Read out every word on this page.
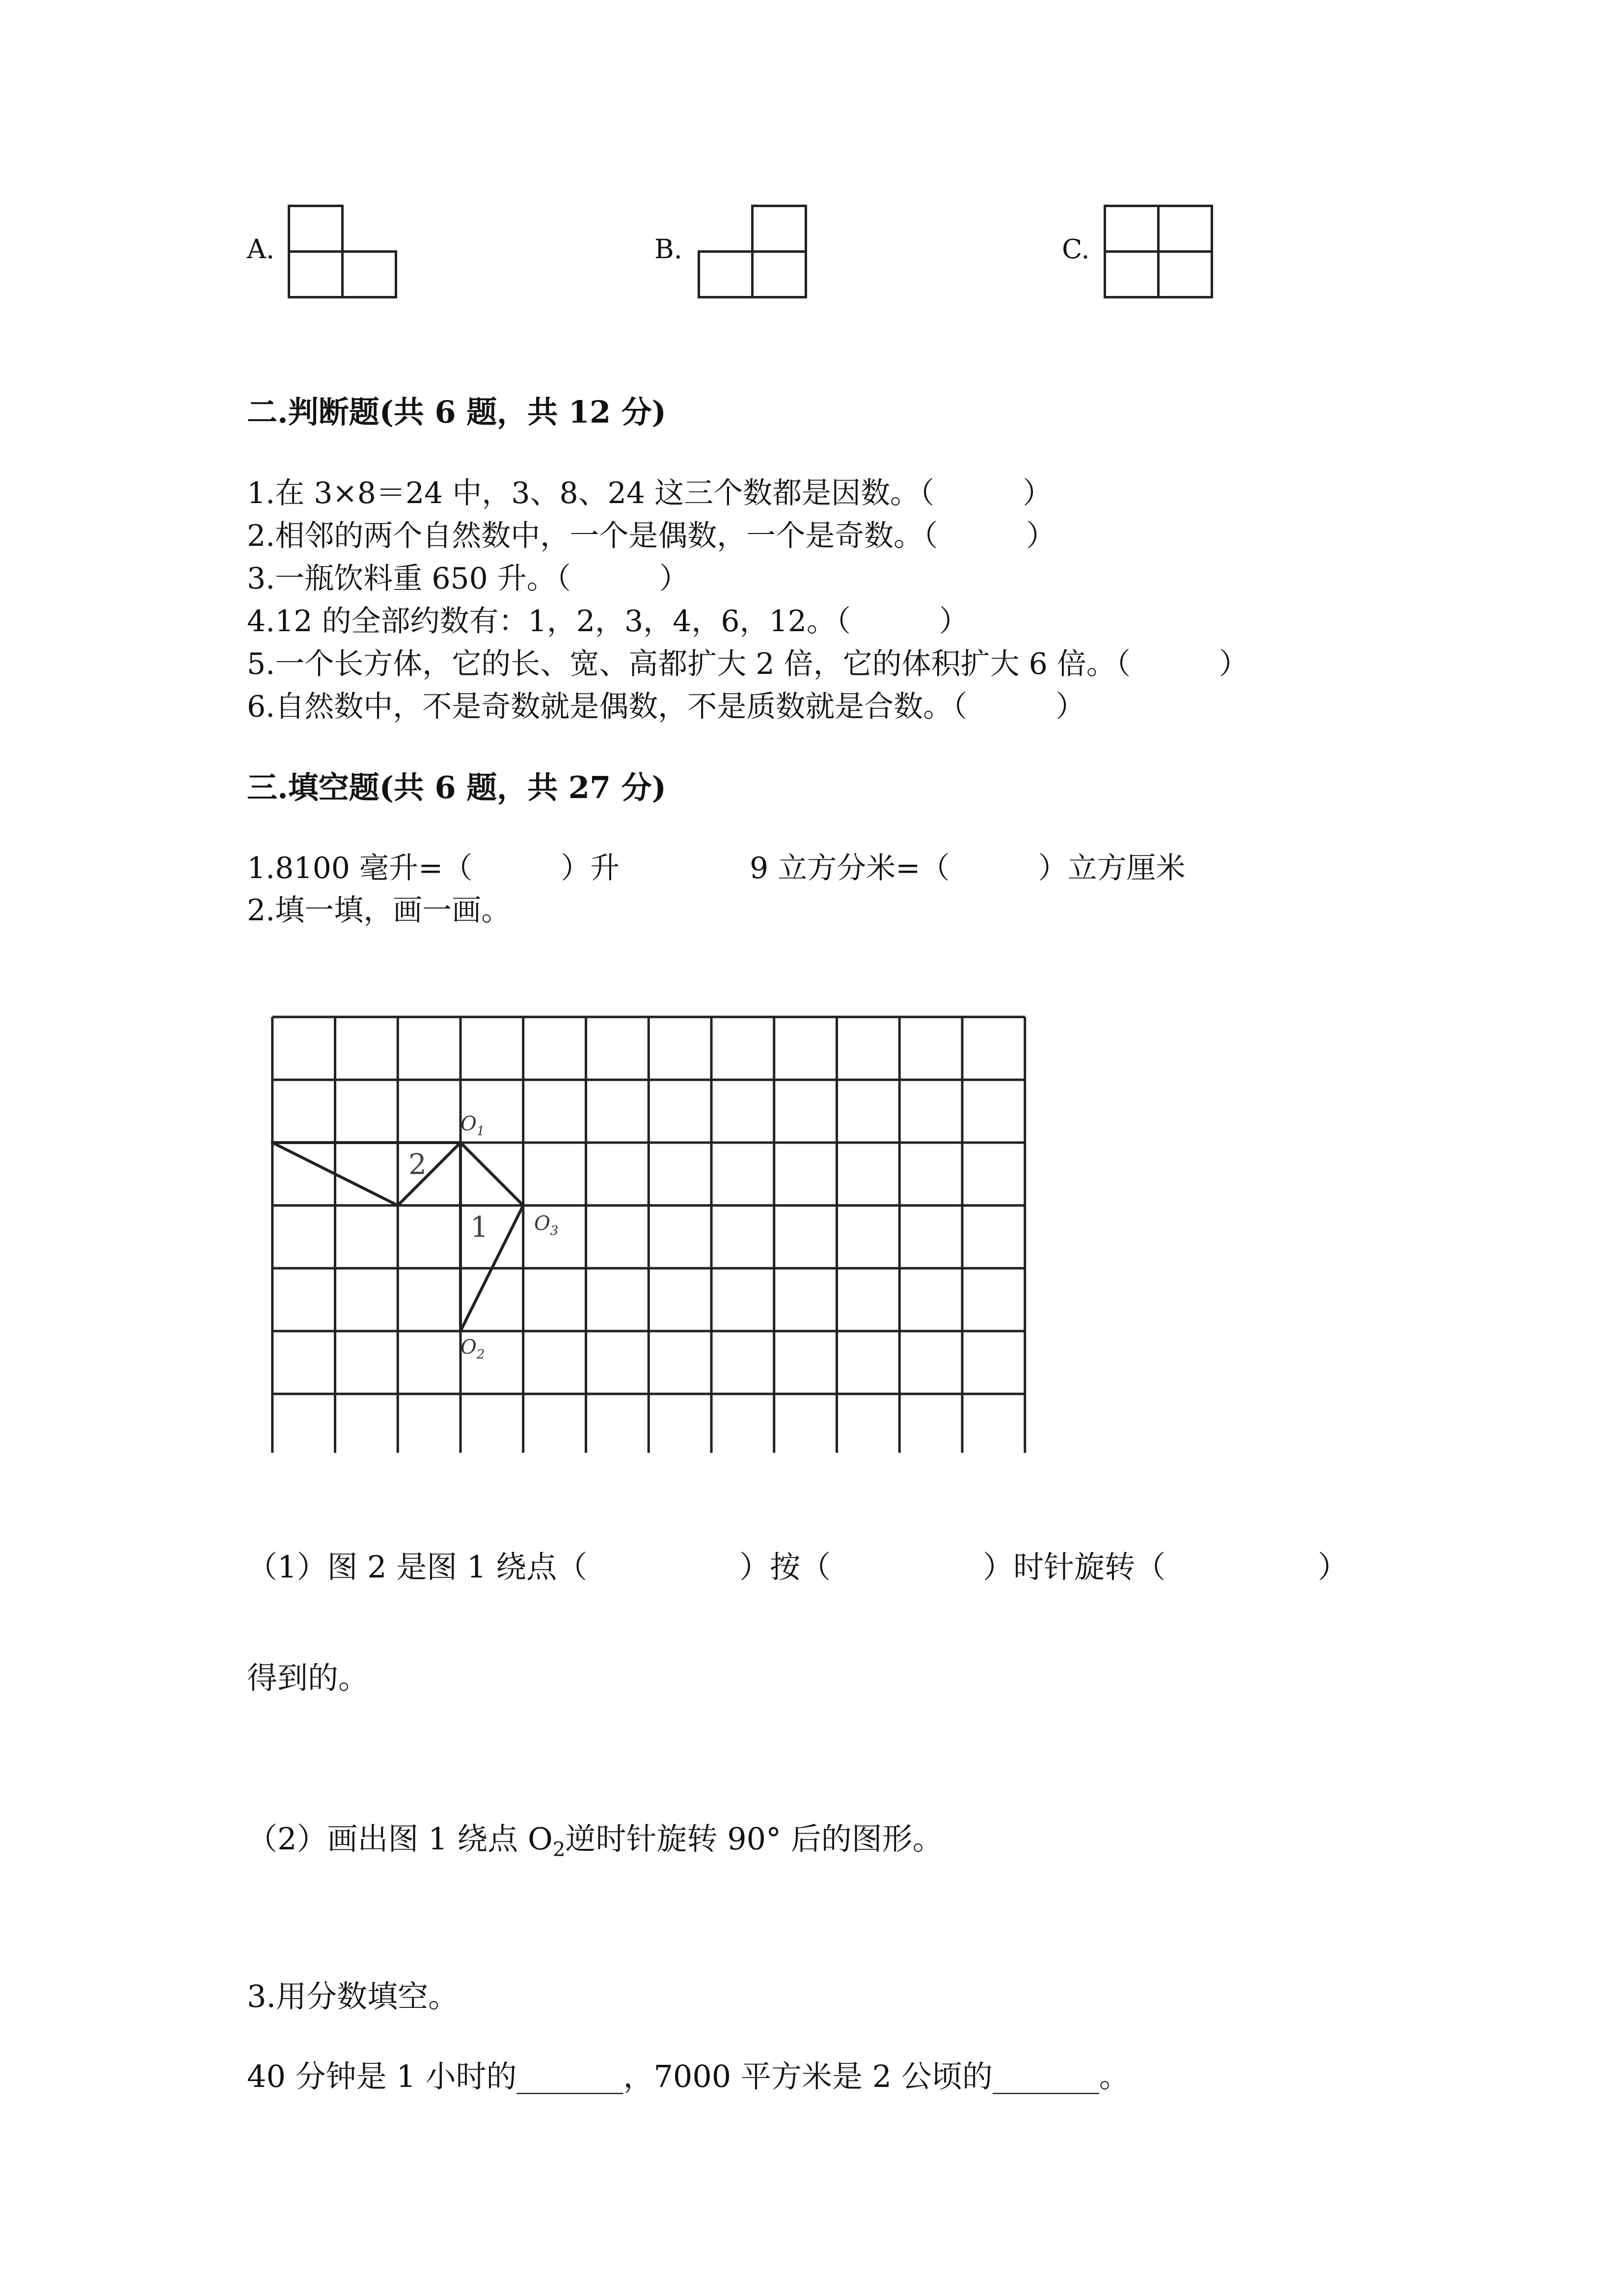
A.	B.	C.
二.判断题(共 6 题，共 12 分)
1.在 3×8＝24 中，3、8、24 这三个数都是因数。（　　　）
2.相邻的两个自然数中，一个是偶数，一个是奇数。（　　　）
3.一瓶饮料重 650 升。（　　　）
4.12 的全部约数有：1，2，3，4，6，12。（　　　）
5.一个长方体，它的长、宽、高都扩大 2 倍，它的体积扩大 6 倍。（　　　）
6.自然数中，不是奇数就是偶数，不是质数就是合数。（　　　）
三.填空题(共 6 题，共 27 分)
1.8100 毫升=（　　　）升	9 立方分米=（　　　）立方厘米
2.填一填，画一画。
2
1
$O_1$
$O_3$
$O_2$
（1）图 2 是图 1 绕点（　　　　　）按（　　　　　）时针旋转（　　　　　）
得到的。
（2）画出图 1 绕点 $O_2$逆时针旋转 90° 后的图形。
3.用分数填空。
40 分钟是 1 小时的_______，7000 平方米是 2 公顷的_______。
